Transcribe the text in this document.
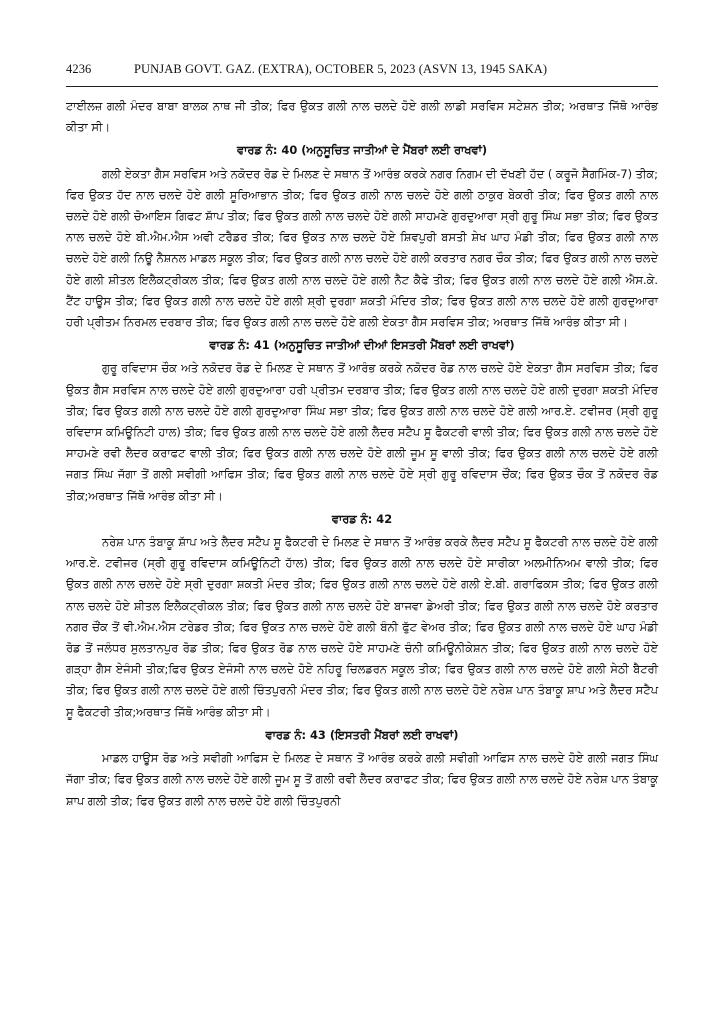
4236	PUNJAB GOVT. GAZ. (EXTRA), OCTOBER 5, 2023 (ASVN 13, 1945 SAKA)

ਟਾਈਲਜ਼ ਗਲੀ ਮੰਦਰ ਬਾਬਾ ਬਾਲਕ ਨਾਥ ਜੀ ਤੀਕ; ਫਿਰ ਉਕਤ ਗਲੀ ਨਾਲ ਚਲਦੇ ਹੋਏ ਗਲੀ ਲਾਡੀ ਸਰਵਿਸ ਸਟੇਸ਼ਨ ਤੀਕ; ਅਰਥਾਤ ਜਿੱਥੋ ਆਰੰਭ ਕੀਤਾ ਸੀ।

ਵਾਰਡ ਨੰ: 40 (ਅਨੁਸੂਚਿਤ ਜਾਤੀਆਂ ਦੇ ਮੈਂਬਰਾਂ ਲਈ ਰਾਖਵਾਂ)

ਗਲੀ ਏਕਤਾ ਗੈਸ ਸਰਵਿਸ ਅਤੇ ਨਕੋਦਰ ਰੋਡ ਦੇ ਮਿਲਣ ਦੇ ਸਥਾਨ ਤੋਂ ਆਰੰਭ ਕਰਕੇ ਨਗਰ ਨਿਗਮ ਦੀ ਦੱਖਣੀ ਹੱਦ ( ਕਰੂਜੋ ਸੈਗਮਿੰਕ-7) ਤੀਕ; ਫਿਰ ਉਕਤ ਹੱਦ ਨਾਲ ਚਲਦੇ ਹੋਏ ਗਲੀ ਸੂਰਿਆਭਾਨ ਤੀਕ; ਫਿਰ ਉਕਤ ਗਲੀ ਨਾਲ ਚਲਦੇ ਹੋਏ ਗਲੀ ਠਾਕੁਰ ਬੇਕਰੀ ਤੀਕ; ਫਿਰ ਉਕਤ ਗਲੀ ਨਾਲ ਚਲਦੇ ਹੋਏ ਗਲੀ ਚੋਆਇਸ ਗਿਫਟ ਸ਼ਾੱਪ ਤੀਕ; ਫਿਰ ਉਕਤ ਗਲੀ ਨਾਲ ਚਲਦੇ ਹੋਏ ਗਲੀ ਸਾਹਮਣੇ ਗੁਰਦੁਆਰਾ ਸ੍ਰੀ ਗੁਰੂ ਸਿੰਘ ਸਭਾ ਤੀਕ; ਫਿਰ ਉਕਤ ਨਾਲ ਚਲਦੇ ਹੋਏ ਬੀ.ਐਮ.ਐਸ ਅਵੀ ਟਰੈਡਰ ਤੀਕ; ਫਿਰ ਉਕਤ ਨਾਲ ਚਲਦੇ ਹੋਏ ਸ਼ਿਵਪੁਰੀ ਬਸਤੀ ਸ਼ੇਖ ਘਾਹ ਮੰਡੀ ਤੀਕ; ਫਿਰ ਉਕਤ ਗਲੀ ਨਾਲ ਚਲਦੇ ਹੋਏ ਗਲੀ ਨਿਊ ਨੈਸ਼ਨਲ ਮਾਡਲ ਸਕੂਲ ਤੀਕ; ਫਿਰ ਉਕਤ ਗਲੀ ਨਾਲ ਚਲਦੇ ਹੋਏ ਗਲੀ ਕਰਤਾਰ ਨਗਰ ਚੌਕ ਤੀਕ; ਫਿਰ ਉਕਤ ਗਲੀ ਨਾਲ ਚਲਦੇ ਹੋਏ ਗਲੀ ਸ਼ੀਤਲ ਇਲੈਕਟ੍ਰੀਕਲ ਤੀਕ; ਫਿਰ ਉਕਤ ਗਲੀ ਨਾਲ ਚਲਦੇ ਹੋਏ ਗਲੀ ਨੈਟ ਕੈਫੇ ਤੀਕ; ਫਿਰ ਉਕਤ ਗਲੀ ਨਾਲ ਚਲਦੇ ਹੋਏ ਗਲੀ ਐਸ.ਕੇ. ਟੈਂਟ ਹਾਊਸ ਤੀਕ; ਫਿਰ ਉਕਤ ਗਲੀ ਨਾਲ ਚਲਦੇ ਹੋਏ ਗਲੀ ਸ਼੍ਰੀ ਦੁਰਗਾ ਸ਼ਕਤੀ ਮੰਦਿਰ ਤੀਕ; ਫਿਰ ਉਕਤ ਗਲੀ ਨਾਲ ਚਲਦੇ ਹੋਏ ਗਲੀ ਗੁਰਦੁਆਰਾ ਹਰੀ ਪ੍ਰੀਤਮ ਨਿਰਮਲ ਦਰਬਾਰ ਤੀਕ; ਫਿਰ ਉਕਤ ਗਲੀ ਨਾਲ ਚਲਦੇ ਹੋਏ ਗਲੀ ਏਕਤਾ ਗੈਸ ਸਰਵਿਸ ਤੀਕ; ਅਰਥਾਤ ਜਿੱਥੋ ਆਰੰਭ ਕੀਤਾ ਸੀ।

ਵਾਰਡ ਨੰ: 41 (ਅਨੁਸੂਚਿਤ ਜਾਤੀਆਂ ਦੀਆਂ ਇਸਤਰੀ ਮੈਂਬਰਾਂ ਲਈ ਰਾਖਵਾਂ)

ਗੁਰੂ ਰਵਿਦਾਸ ਚੌਕ ਅਤੇ ਨਕੋਦਰ ਰੋਡ ਦੇ ਮਿਲਣ ਦੇ ਸਥਾਨ ਤੋਂ ਆਰੰਭ ਕਰਕੇ ਨਕੋਦਰ ਰੋਡ ਨਾਲ ਚਲਦੇ ਹੋਏ ਏਕਤਾ ਗੈਸ ਸਰਵਿਸ ਤੀਕ; ਫਿਰ ਉਕਤ ਗੈਸ ਸਰਵਿਸ ਨਾਲ ਚਲਦੇ ਹੋਏ ਗਲੀ ਗੁਰਦੁਆਰਾ ਹਰੀ ਪ੍ਰੀਤਮ ਦਰਬਾਰ ਤੀਕ; ਫਿਰ ਉਕਤ ਗਲੀ ਨਾਲ ਚਲਦੇ ਹੋਏ ਗਲੀ ਦੁਰਗਾ ਸ਼ਕਤੀ ਮੰਦਿਰ ਤੀਕ; ਫਿਰ ਉਕਤ ਗਲੀ ਨਾਲ ਚਲਦੇ ਹੋਏ ਗਲੀ ਗੁਰਦੁਆਰਾ ਸਿੰਘ ਸਭਾ ਤੀਕ; ਫਿਰ ਉਕਤ ਗਲੀ ਨਾਲ ਚਲਦੇ ਹੋਏ ਗਲੀ ਆਰ.ਏ. ਟਵੀਜਰ (ਸ੍ਰੀ ਗੁਰੂ ਰਵਿਦਾਸ ਕਮਿਊਨਿਟੀ ਹਾਲ) ਤੀਕ; ਫਿਰ ਉਕਤ ਗਲੀ ਨਾਲ ਚਲਦੇ ਹੋਏ ਗਲੀ ਲੈਦਰ ਸਟੈਪ ਸੂ ਫੈਕਟਰੀ ਵਾਲੀ ਤੀਕ; ਫਿਰ ਉਕਤ ਗਲੀ ਨਾਲ ਚਲਦੇ ਹੋਏ ਸਾਹਮਣੇ ਰਵੀ ਲੈਦਰ ਕਰਾਫਟ ਵਾਲੀ ਤੀਕ; ਫਿਰ ਉਕਤ ਗਲੀ ਨਾਲ ਚਲਦੇ ਹੋਏ ਗਲੀ ਜੂਮ ਸੂ ਵਾਲੀ ਤੀਕ; ਫਿਰ ਉਕਤ ਗਲੀ ਨਾਲ ਚਲਦੇ ਹੋਏ ਗਲੀ ਜਗਤ ਸਿੰਘ ਜੱਗਾ ਤੋਂ ਗਲੀ ਸਵੀਗੀ ਆਫਿਸ ਤੀਕ; ਫਿਰ ਉਕਤ ਗਲੀ ਨਾਲ ਚਲਦੇ ਹੋਏ ਸ੍ਰੀ ਗੁਰੂ ਰਵਿਦਾਸ ਚੌਂਕ; ਫਿਰ ਉਕਤ ਚੌਕ ਤੋਂ ਨਕੋਦਰ ਰੋਡ ਤੀਕ;ਅਰਥਾਤ ਜਿੱਥੋ ਆਰੰਭ ਕੀਤਾ ਸੀ।

ਵਾਰਡ ਨੰ: 42

ਨਰੇਸ਼ ਪਾਨ ਤੰਬਾਕੂ ਸ਼ਾੱਪ ਅਤੇ ਲੈਦਰ ਸਟੈਪ ਸੂ ਫੈਕਟਰੀ ਦੇ ਮਿਲਣ ਦੇ ਸਥਾਨ ਤੋਂ ਆਰੰਭ ਕਰਕੇ ਲੈਦਰ ਸਟੈਪ ਸੂ ਫੈਕਟਰੀ ਨਾਲ ਚਲਦੇ ਹੋਏ ਗਲੀ ਆਰ.ਏ. ਟਵੀਜਰ (ਸ੍ਰੀ ਗੁਰੂ ਰਵਿਦਾਸ ਕਮਿਊਨਿਟੀ ਹਾੱਲ) ਤੀਕ; ਫਿਰ ਉਕਤ ਗਲੀ ਨਾਲ ਚਲਦੇ ਹੋਏ ਸਾਰੀਕਾ ਅਲਮੀਨਿਅਮ ਵਾਲੀ ਤੀਕ; ਫਿਰ ਉਕਤ ਗਲੀ ਨਾਲ ਚਲਦੇ ਹੋਏ ਸ੍ਰੀ ਦੁਰਗਾ ਸ਼ਕਤੀ ਮੰਦਰ ਤੀਕ; ਫਿਰ ਉਕਤ ਗਲੀ ਨਾਲ ਚਲਦੇ ਹੋਏ ਗਲੀ ਏ.ਬੀ. ਗਰਾਫਿਕਸ ਤੀਕ; ਫਿਰ ਉਕਤ ਗਲੀ ਨਾਲ ਚਲਦੇ ਹੋਏ ਸ਼ੀਤਲ ਇਲੈਕਟ੍ਰੀਕਲ ਤੀਕ; ਫਿਰ ਉਕਤ ਗਲੀ ਨਾਲ ਚਲਦੇ ਹੋਏ ਬਾਜਵਾ ਡੇਅਰੀ ਤੀਕ; ਫਿਰ ਉਕਤ ਗਲੀ ਨਾਲ ਚਲਦੇ ਹੋਏ ਕਰਤਾਰ ਨਗਰ ਚੌਂਕ ਤੋਂ ਵੀ.ਐਮ.ਐਸ ਟਰੇਡਰ ਤੀਕ; ਫਿਰ ਉਕਤ ਨਾਲ ਚਲਦੇ ਹੋਏ ਗਲੀ ਬੰਨੀ ਫੁੱਟ ਵੇਅਰ ਤੀਕ; ਫਿਰ ਉਕਤ ਗਲੀ ਨਾਲ ਚਲਦੇ ਹੋਏ ਘਾਹ ਮੰਡੀ ਰੋਡ ਤੋਂ ਜਲੰਧਰ ਸੁਲਤਾਨਪੁਰ ਰੋਡ ਤੀਕ; ਫਿਰ ਉਕਤ ਰੋਡ ਨਾਲ ਚਲਦੇ ਹੋਏ ਸਾਹਮਣੇ ਚੰਨੀ ਕਮਿਊਨੀਕੇਸ਼ਨ ਤੀਕ; ਫਿਰ ਉਕਤ ਗਲੀ ਨਾਲ ਚਲਦੇ ਹੋਏ ਗੜ੍ਹਾ ਗੈਸ ਏਜੰਸੀ ਤੀਕ;ਫਿਰ ਉਕਤ ਏਜੰਸੀ ਨਾਲ ਚਲਦੇ ਹੋਏ ਨਹਿਰੂ ਚਿਲਡਰਨ ਸਕੂਲ ਤੀਕ; ਫਿਰ ਉਕਤ ਗਲੀ ਨਾਲ ਚਲਦੇ ਹੋਏ ਗਲੀ ਸੇਠੀ ਬੈਟਰੀ ਤੀਕ; ਫਿਰ ਉਕਤ ਗਲੀ ਨਾਲ ਚਲਦੇ ਹੋਏ ਗਲੀ ਚਿੰਤਪੁਰਨੀ ਮੰਦਰ ਤੀਕ; ਫਿਰ ਉਕਤ ਗਲੀ ਨਾਲ ਚਲਦੇ ਹੋਏ ਨਰੇਸ਼ ਪਾਨ ਤੰਬਾਕੂ ਸ਼ਾਪ ਅਤੇ ਲੈਦਰ ਸਟੈਪ ਸੂ ਫੈਕਟਰੀ ਤੀਕ;ਅਰਥਾਤ ਜਿੱਥੋ ਆਰੰਭ ਕੀਤਾ ਸੀ।

ਵਾਰਡ ਨੰ: 43 (ਇਸਤਰੀ ਮੈਂਬਰਾਂ ਲਈ ਰਾਖਵਾਂ)

ਮਾਡਲ ਹਾਊਸ ਰੋਡ ਅਤੇ ਸਵੀਗੀ ਆਫਿਸ ਦੇ ਮਿਲਣ ਦੇ ਸਥਾਨ ਤੋਂ ਆਰੰਭ ਕਰਕੇ ਗਲੀ ਸਵੀਗੀ ਆਫਿਸ ਨਾਲ ਚਲਦੇ ਹੋਏ ਗਲੀ ਜਗਤ ਸਿੰਘ ਜੱਗਾ ਤੀਕ; ਫਿਰ ਉਕਤ ਗਲੀ ਨਾਲ ਚਲਦੇ ਹੋਏ ਗਲੀ ਜੂਮ ਸੂ ਤੋਂ ਗਲੀ ਰਵੀ ਲੈਦਰ ਕਰਾਫਟ ਤੀਕ; ਫਿਰ ਉਕਤ ਗਲੀ ਨਾਲ ਚਲਦੇ ਹੋਏ ਨਰੇਸ਼ ਪਾਨ ਤੰਬਾਕੂ ਸ਼ਾਪ ਗਲੀ ਤੀਕ; ਫਿਰ ਉਕਤ ਗਲੀ ਨਾਲ ਚਲਦੇ ਹੋਏ ਗਲੀ ਚਿੰਤਪੁਰਨੀ
